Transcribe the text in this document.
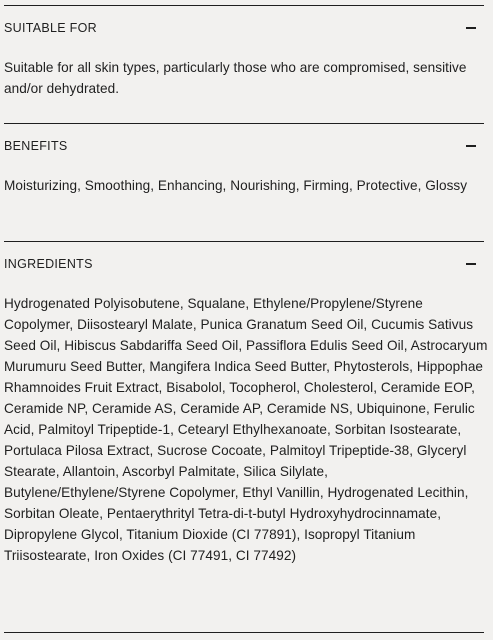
SUITABLE FOR

Suitable for all skin types, particularly those who are compromised, sensitive and/or dehydrated.

BENEFITS

Moisturizing, Smoothing, Enhancing, Nourishing, Firming, Protective, Glossy

INGREDIENTS

Hydrogenated Polyisobutene, Squalane, Ethylene/Propylene/Styrene Copolymer, Diisostearyl Malate, Punica Granatum Seed Oil, Cucumis Sativus Seed Oil, Hibiscus Sabdariffa Seed Oil, Passiflora Edulis Seed Oil, Astrocaryum Murumuru Seed Butter, Mangifera Indica Seed Butter, Phytosterols, Hippophae Rhamnoides Fruit Extract, Bisabolol, Tocopherol, Cholesterol, Ceramide EOP, Ceramide NP, Ceramide AS, Ceramide AP, Ceramide NS, Ubiquinone, Ferulic Acid, Palmitoyl Tripeptide-1, Cetearyl Ethylhexanoate, Sorbitan Isostearate, Portulaca Pilosa Extract, Sucrose Cocoate, Palmitoyl Tripeptide-38, Glyceryl Stearate, Allantoin, Ascorbyl Palmitate, Silica Silylate, Butylene/Ethylene/Styrene Copolymer, Ethyl Vanillin, Hydrogenated Lecithin, Sorbitan Oleate, Pentaerythrityl Tetra-di-t-butyl Hydroxyhydrocinnamate, Dipropylene Glycol, Titanium Dioxide (CI 77891), Isopropyl Titanium Triisostearate, Iron Oxides (CI 77491, CI 77492)
